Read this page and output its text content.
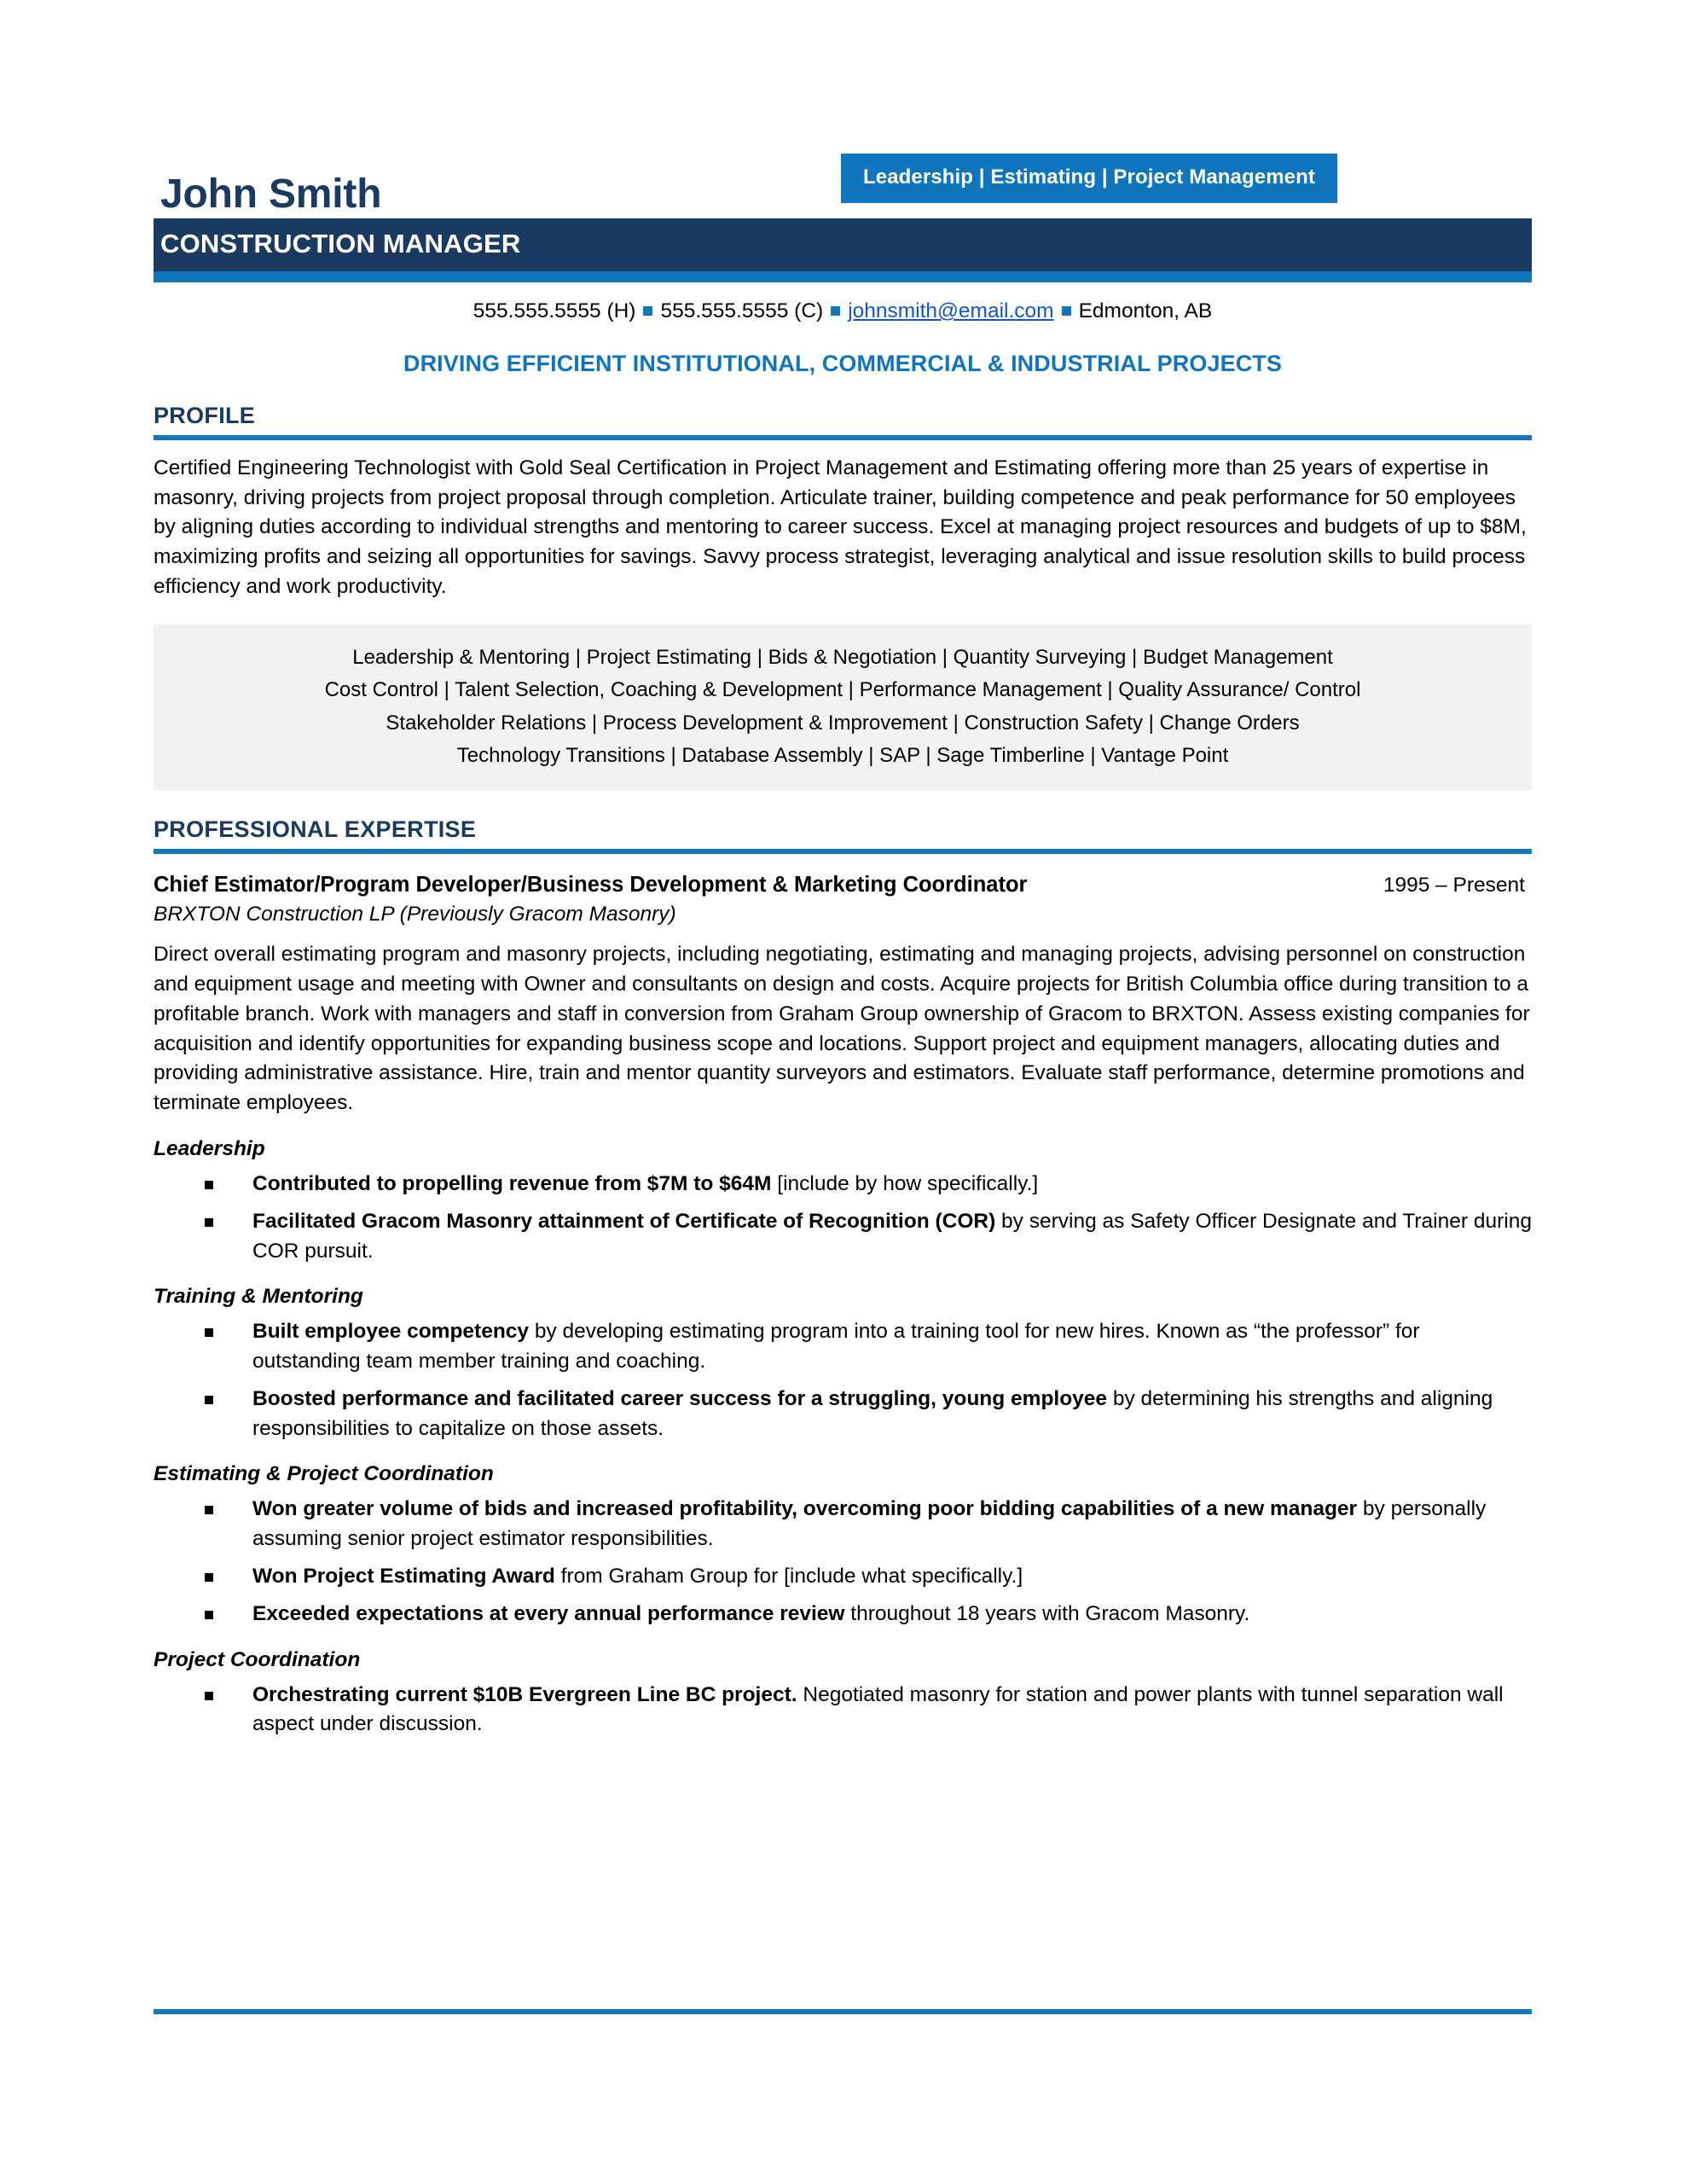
John Smith	Leadership | Estimating | Project Management
CONSTRUCTION MANAGER
555.555.5555 (H) 555.555.5555 (C) johnsmith@email.com Edmonton, AB
DRIVING EFFICIENT INSTITUTIONAL, COMMERCIAL & INDUSTRIAL PROJECTS
PROFILE
Certified Engineering Technologist with Gold Seal Certification in Project Management and Estimating offering more than 25 years of expertise in masonry, driving projects from project proposal through completion. Articulate trainer, building competence and peak performance for 50 employees by aligning duties according to individual strengths and mentoring to career success. Excel at managing project resources and budgets of up to $8M, maximizing profits and seizing all opportunities for savings. Savvy process strategist, leveraging analytical and issue resolution skills to build process efficiency and work productivity.
Leadership & Mentoring | Project Estimating | Bids & Negotiation | Quantity Surveying | Budget Management
Cost Control | Talent Selection, Coaching & Development | Performance Management | Quality Assurance/ Control
Stakeholder Relations | Process Development & Improvement | Construction Safety | Change Orders
Technology Transitions | Database Assembly | SAP | Sage Timberline | Vantage Point
PROFESSIONAL EXPERTISE
Chief Estimator/Program Developer/Business Development & Marketing Coordinator	1995 – Present
BRXTON Construction LP (Previously Gracom Masonry)
Direct overall estimating program and masonry projects, including negotiating, estimating and managing projects, advising personnel on construction and equipment usage and meeting with Owner and consultants on design and costs. Acquire projects for British Columbia office during transition to a profitable branch. Work with managers and staff in conversion from Graham Group ownership of Gracom to BRXTON. Assess existing companies for acquisition and identify opportunities for expanding business scope and locations. Support project and equipment managers, allocating duties and providing administrative assistance. Hire, train and mentor quantity surveyors and estimators. Evaluate staff performance, determine promotions and terminate employees.
Leadership
Contributed to propelling revenue from $7M to $64M [include by how specifically.]
Facilitated Gracom Masonry attainment of Certificate of Recognition (COR) by serving as Safety Officer Designate and Trainer during COR pursuit.
Training & Mentoring
Built employee competency by developing estimating program into a training tool for new hires. Known as “the professor” for outstanding team member training and coaching.
Boosted performance and facilitated career success for a struggling, young employee by determining his strengths and aligning responsibilities to capitalize on those assets.
Estimating & Project Coordination
Won greater volume of bids and increased profitability, overcoming poor bidding capabilities of a new manager by personally assuming senior project estimator responsibilities.
Won Project Estimating Award from Graham Group for [include what specifically.]
Exceeded expectations at every annual performance review throughout 18 years with Gracom Masonry.
Project Coordination
Orchestrating current $10B Evergreen Line BC project. Negotiated masonry for station and power plants with tunnel separation wall aspect under discussion.
